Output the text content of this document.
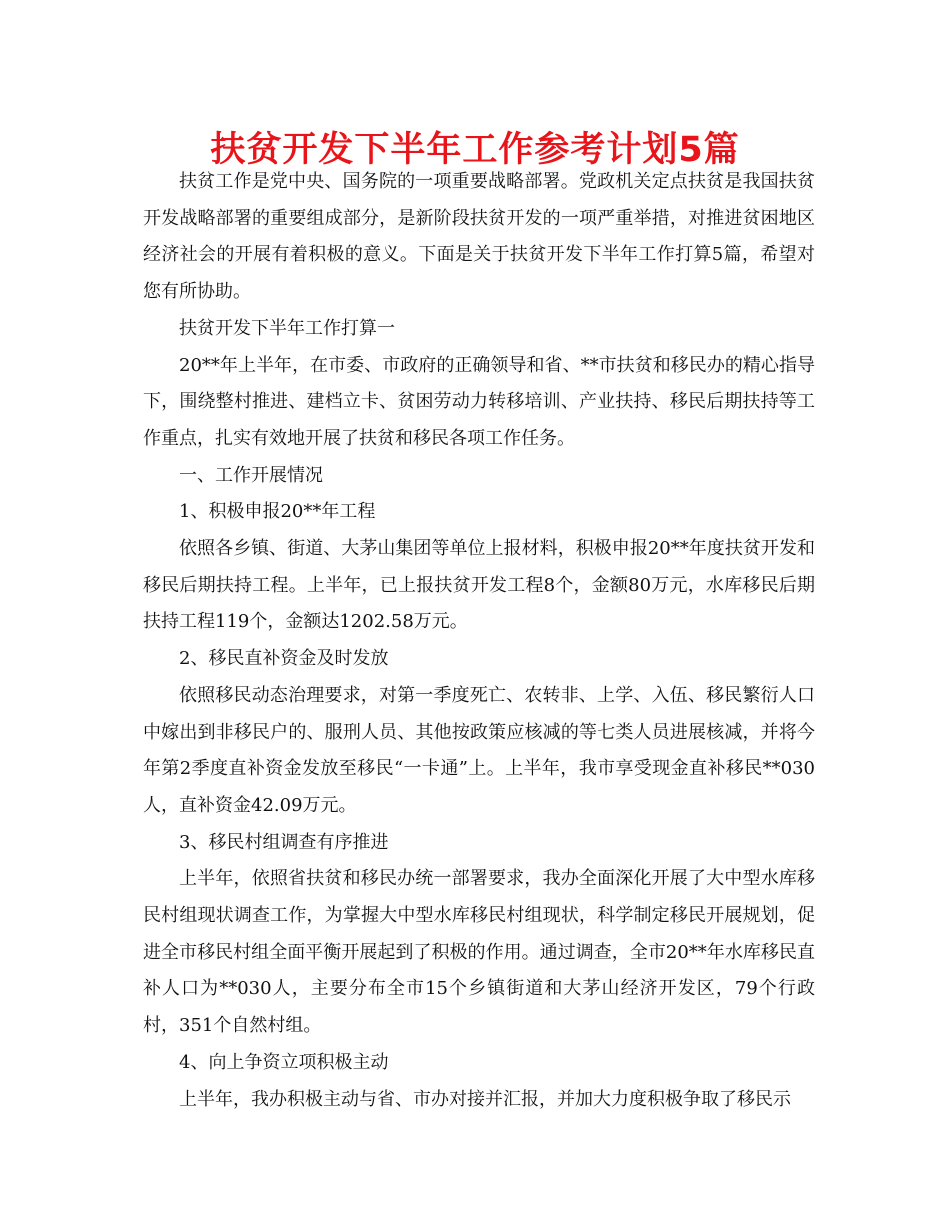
扶贫开发下半年工作参考计划5篇

扶贫工作是党中央、国务院的一项重要战略部署。党政机关定点扶贫是我国扶贫开发战略部署的重要组成部分，是新阶段扶贫开发的一项严重举措，对推进贫困地区经济社会的开展有着积极的意义。下面是关于扶贫开发下半年工作打算5篇，希望对您有所协助。

扶贫开发下半年工作打算一

20**年上半年，在市委、市政府的正确领导和省、**市扶贫和移民办的精心指导下，围绕整村推进、建档立卡、贫困劳动力转移培训、产业扶持、移民后期扶持等工作重点，扎实有效地开展了扶贫和移民各项工作任务。

一、工作开展情况

1、积极申报20**年工程

依照各乡镇、街道、大茅山集团等单位上报材料，积极申报20**年度扶贫开发和移民后期扶持工程。上半年，已上报扶贫开发工程8个，金额80万元，水库移民后期扶持工程119个，金额达1202.58万元。

2、移民直补资金及时发放

依照移民动态治理要求，对第一季度死亡、农转非、上学、入伍、移民繁衍人口中嫁出到非移民户的、服刑人员、其他按政策应核减的等七类人员进展核减，并将今年第2季度直补资金发放至移民“一卡通”上。上半年，我市享受现金直补移民**030人，直补资金42.09万元。

3、移民村组调查有序推进

上半年，依照省扶贫和移民办统一部署要求，我办全面深化开展了大中型水库移民村组现状调查工作，为掌握大中型水库移民村组现状，科学制定移民开展规划，促进全市移民村组全面平衡开展起到了积极的作用。通过调查，全市20**年水库移民直补人口为**030人，主要分布全市15个乡镇街道和大茅山经济开发区，79个行政村，351个自然村组。

4、向上争资立项积极主动

上半年，我办积极主动与省、市办对接并汇报，并加大力度积极争取了移民示
